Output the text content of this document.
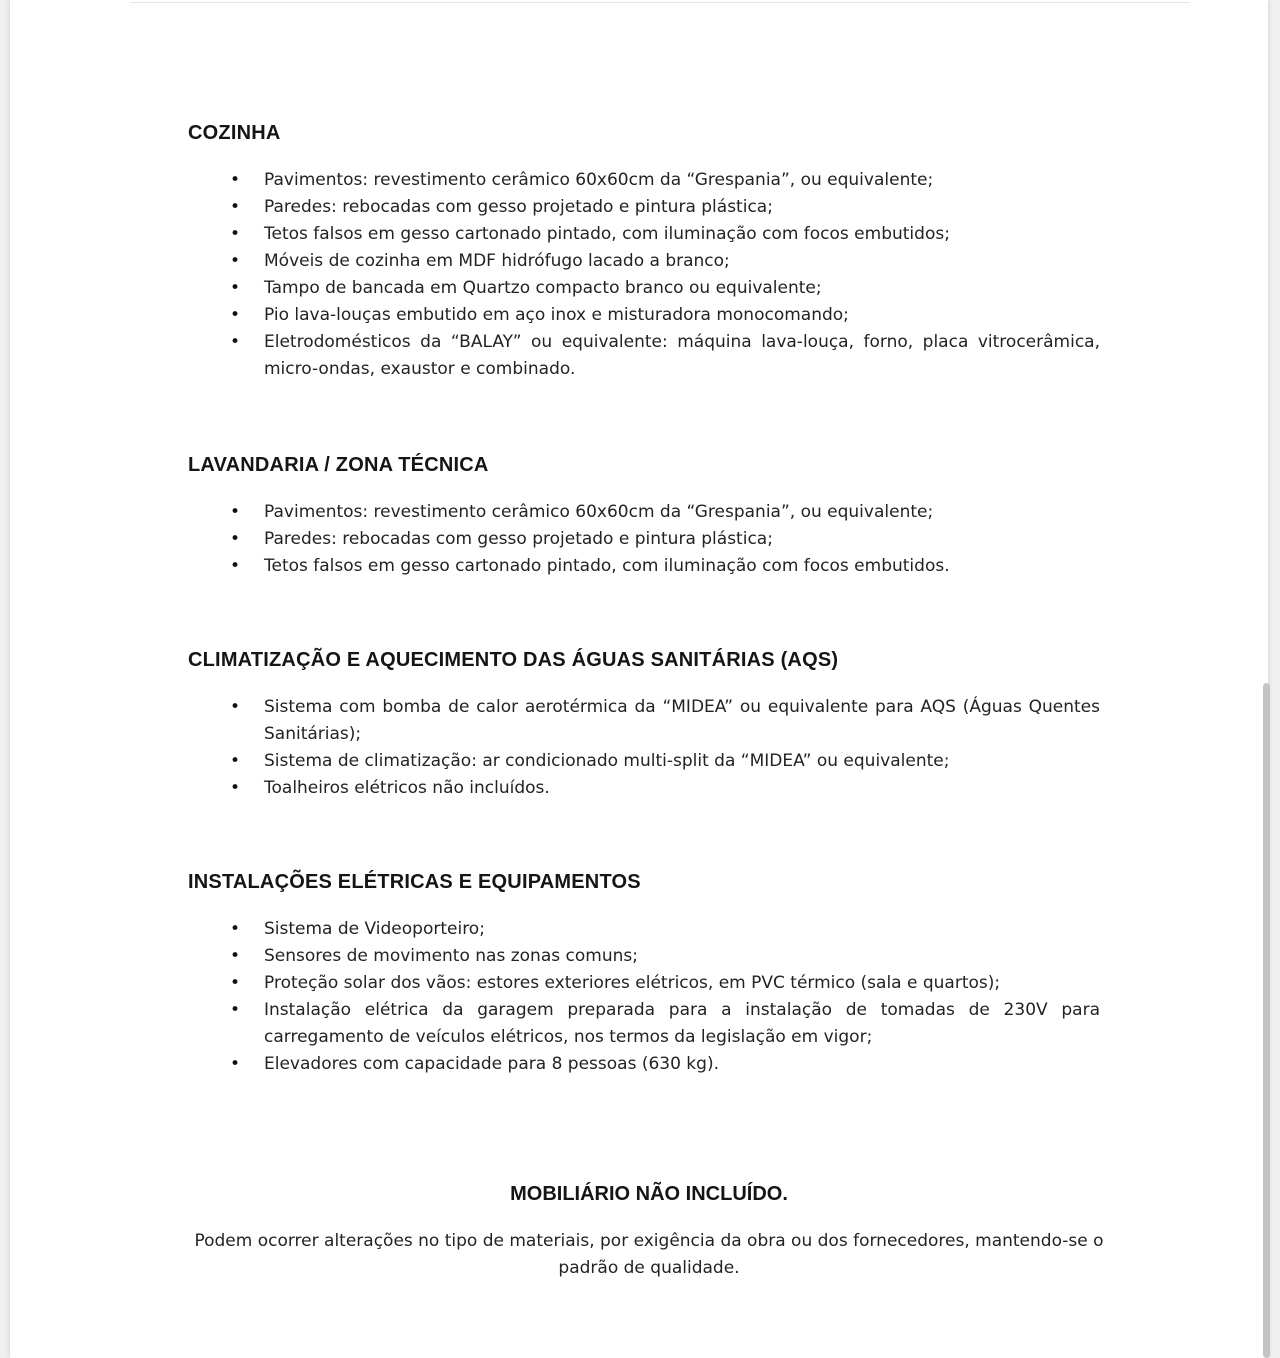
COZINHA
• Pavimentos: revestimento cerâmico 60x60cm da “Grespania”, ou equivalente;
• Paredes: rebocadas com gesso projetado e pintura plástica;
• Tetos falsos em gesso cartonado pintado, com iluminação com focos embutidos;
• Móveis de cozinha em MDF hidrófugo lacado a branco;
• Tampo de bancada em Quartzo compacto branco ou equivalente;
• Pio lava-louças embutido em aço inox e misturadora monocomando;
• Eletrodomésticos da “BALAY” ou equivalente: máquina lava-louça, forno, placa vitrocerâmica, micro-ondas, exaustor e combinado.
LAVANDARIA / ZONA TÉCNICA
• Pavimentos: revestimento cerâmico 60x60cm da “Grespania”, ou equivalente;
• Paredes: rebocadas com gesso projetado e pintura plástica;
• Tetos falsos em gesso cartonado pintado, com iluminação com focos embutidos.
CLIMATIZAÇÃO E AQUECIMENTO DAS ÁGUAS SANITÁRIAS (AQS)
• Sistema com bomba de calor aerotérmica da “MIDEA” ou equivalente para AQS (Águas Quentes Sanitárias);
• Sistema de climatização: ar condicionado multi-split da “MIDEA” ou equivalente;
• Toalheiros elétricos não incluídos.
INSTALAÇÕES ELÉTRICAS E EQUIPAMENTOS
• Sistema de Videoporteiro;
• Sensores de movimento nas zonas comuns;
• Proteção solar dos vãos: estores exteriores elétricos, em PVC térmico (sala e quartos);
• Instalação elétrica da garagem preparada para a instalação de tomadas de 230V para carregamento de veículos elétricos, nos termos da legislação em vigor;
• Elevadores com capacidade para 8 pessoas (630 kg).
MOBILIÁRIO NÃO INCLUÍDO.

Podem ocorrer alterações no tipo de materiais, por exigência da obra ou dos fornecedores, mantendo-se o padrão de qualidade.
